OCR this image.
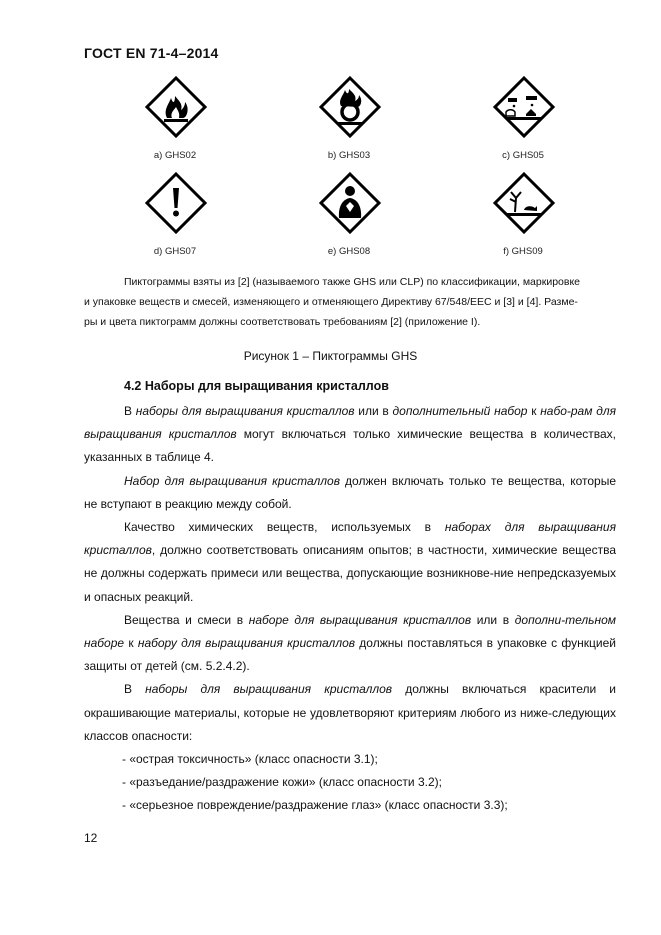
ГОСТ EN 71-4–2014
a) GHS02	b) GHS03	c) GHS05
d) GHS07	e) GHS08	f) GHS09
Пиктограммы взяты из [2] (называемого также GHS или CLP) по классификации, маркировке
и упаковке веществ и смесей, изменяющего и отменяющего Директиву 67/548/EEC и [3] и [4]. Разме-
ры и цвета пиктограмм должны соответствовать требованиям [2] (приложение I).
Рисунок 1 – Пиктограммы GHS
4.2 Наборы для выращивания кристаллов

В наборы для выращивания кристаллов или в дополнительный набор к набо-рам для выращивания кристаллов могут включаться только химические вещества в количествах, указанных в таблице 4.

Набор для выращивания кристаллов должен включать только те вещества, которые не вступают в реакцию между собой.

Качество химических веществ, используемых в наборах для выращивания кристаллов, должно соответствовать описаниям опытов; в частности, химические вещества не должны содержать примеси или вещества, допускающие возникнове-ние непредсказуемых и опасных реакций.

Вещества и смеси в наборе для выращивания кристаллов или в дополни-тельном наборе к набору для выращивания кристаллов должны поставляться в упаковке с функцией защиты от детей (см. 5.2.4.2).

В наборы для выращивания кристаллов должны включаться красители и окрашивающие материалы, которые не удовлетворяют критериям любого из ниже-следующих классов опасности:

- «острая токсичность» (класс опасности 3.1);

- «разъедание/раздражение кожи» (класс опасности 3.2);

- «серьезное повреждение/раздражение глаз» (класс опасности 3.3);

12
